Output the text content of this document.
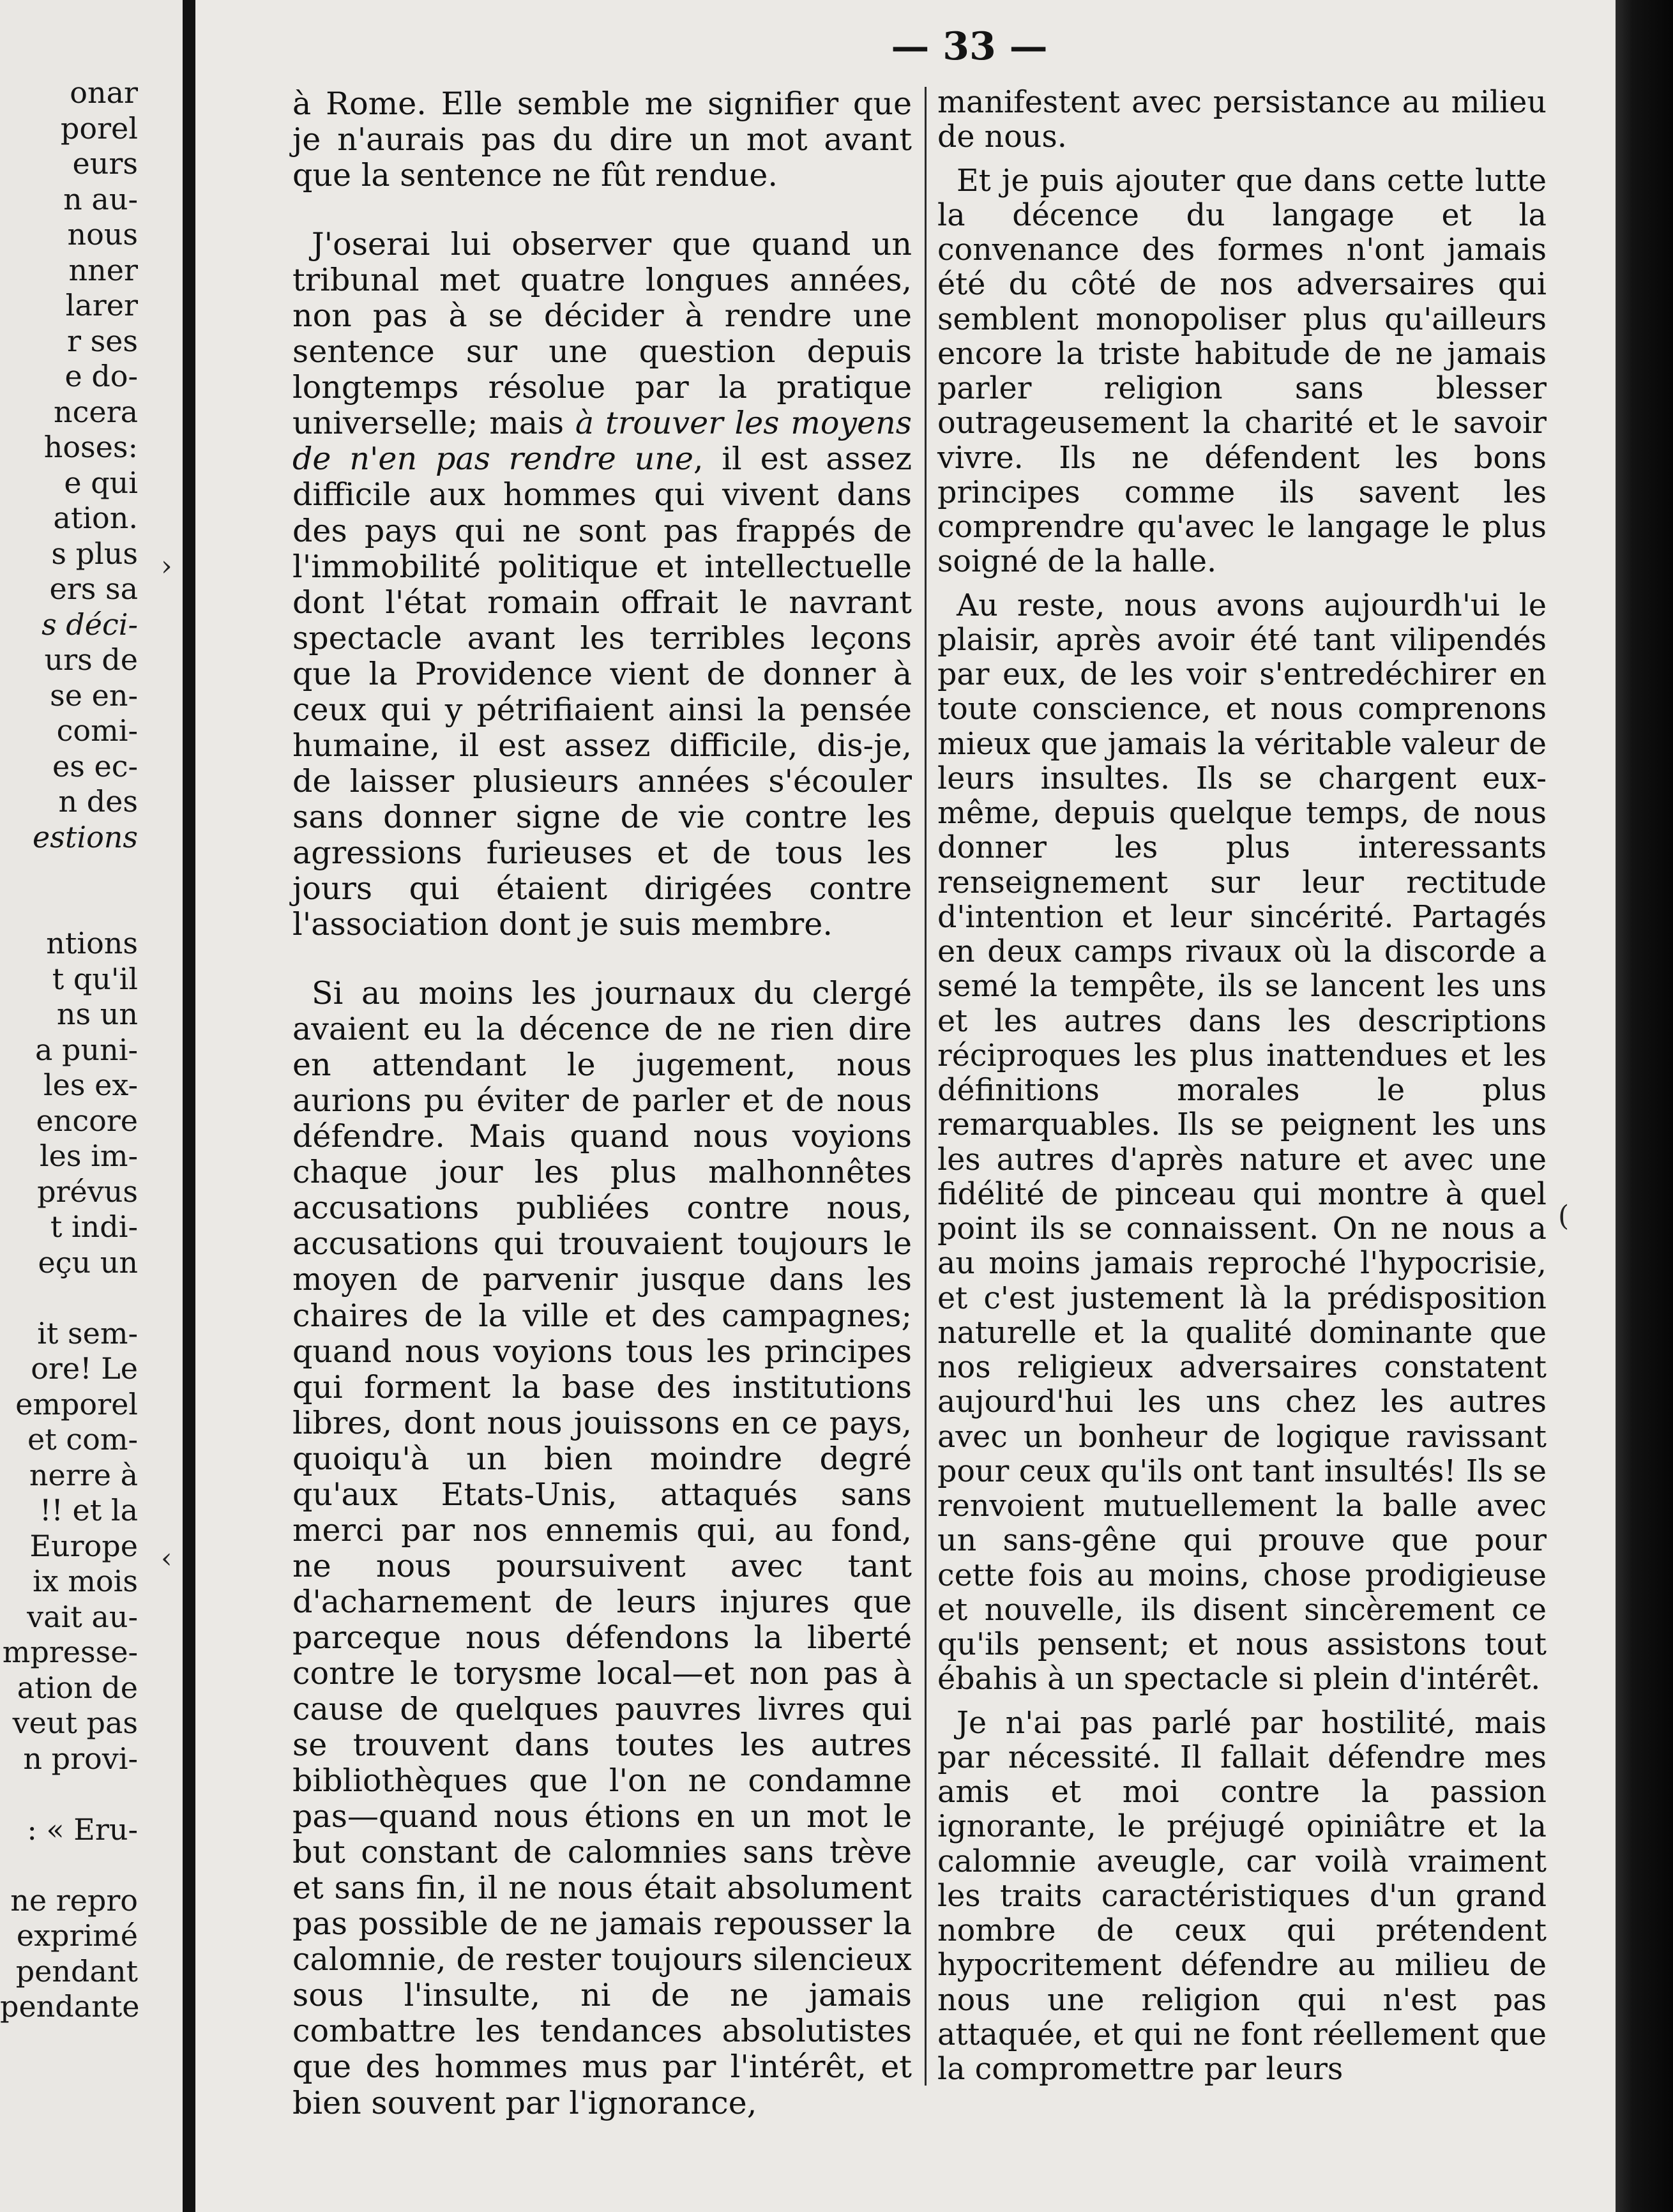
onar
porel
eurs
n au-
nous
nner
larer
r ses
e do-
ncera
hoses:
e qui
ation.
s plus
ers sa
s déci-
urs de
se en-
comi-
es ec-
n des
estions

ntions
t qu'il
ns un
a puni-
les ex-
encore
les im-
prévus
t indi-
eçu un

it sem-
ore! Le
emporel
et com-
nerre à
!! et la
Europe
ix mois
vait au-
mpresse-
ation de
veut pas
n provi-

: « Eru-

ne repro
exprimé
pendant
pendante
— 33 —
›
‹
(

à Rome. Elle semble me signifier que je n'aurais pas du dire un mot avant que la sentence ne fût rendue.

J'oserai lui observer que quand un tribunal met quatre longues années, non pas à se décider à rendre une sentence sur une question depuis longtemps résolue par la pratique universelle; mais à trouver les moyens de n'en pas rendre une, il est assez difficile aux hommes qui vivent dans des pays qui ne sont pas frappés de l'immobilité politique et intellectuelle dont l'état romain offrait le navrant spectacle avant les terribles leçons que la Providence vient de donner à ceux qui y pétrifiaient ainsi la pensée humaine, il est assez difficile, dis-je, de laisser plusieurs années s'écouler sans donner signe de vie contre les agressions furieuses et de tous les jours qui étaient dirigées contre l'association dont je suis membre.

Si au moins les journaux du clergé avaient eu la décence de ne rien dire en attendant le jugement, nous aurions pu éviter de parler et de nous défendre. Mais quand nous voyions chaque jour les plus malhonnêtes accusations publiées contre nous, accusations qui trouvaient toujours le moyen de parvenir jusque dans les chaires de la ville et des campagnes; quand nous voyions tous les principes qui forment la base des institutions libres, dont nous jouissons en ce pays, quoiqu'à un bien moindre degré qu'aux Etats-Unis, attaqués sans merci par nos ennemis qui, au fond, ne nous poursuivent avec tant d'acharnement de leurs injures que parceque nous défendons la liberté contre le torysme local—et non pas à cause de quelques pauvres livres qui se trouvent dans toutes les autres bibliothèques que l'on ne condamne pas—quand nous étions en un mot le but constant de calomnies sans trève et sans fin, il ne nous était absolument pas possible de ne jamais repousser la calomnie, de rester toujours silencieux sous l'insulte, ni de ne jamais combattre les tendances absolutistes que des hommes mus par l'intérêt, et bien souvent par l'ignorance,

manifestent avec persistance au milieu de nous.

Et je puis ajouter que dans cette lutte la décence du langage et la convenance des formes n'ont jamais été du côté de nos adversaires qui semblent monopoliser plus qu'ailleurs encore la triste habitude de ne jamais parler religion sans blesser outrageusement la charité et le savoir vivre. Ils ne défendent les bons principes comme ils savent les comprendre qu'avec le langage le plus soigné de la halle.

Au reste, nous avons aujourdh'ui le plaisir, après avoir été tant vilipendés par eux, de les voir s'entredéchirer en toute conscience, et nous comprenons mieux que jamais la véritable valeur de leurs insultes. Ils se chargent eux-même, depuis quelque temps, de nous donner les plus interessants renseignement sur leur rectitude d'intention et leur sincérité. Partagés en deux camps rivaux où la discorde a semé la tempête, ils se lancent les uns et les autres dans les descriptions réciproques les plus inattendues et les définitions morales le plus remarquables. Ils se peignent les uns les autres d'après nature et avec une fidélité de pinceau qui montre à quel point ils se connaissent. On ne nous a au moins jamais reproché l'hypocrisie, et c'est justement là la prédisposition naturelle et la qualité dominante que nos religieux adversaires constatent aujourd'hui les uns chez les autres avec un bonheur de logique ravissant pour ceux qu'ils ont tant insultés! Ils se renvoient mutuellement la balle avec un sans-gêne qui prouve que pour cette fois au moins, chose prodigieuse et nouvelle, ils disent sincèrement ce qu'ils pensent; et nous assistons tout ébahis à un spectacle si plein d'intérêt.

Je n'ai pas parlé par hostilité, mais par nécessité. Il fallait défendre mes amis et moi contre la passion ignorante, le préjugé opiniâtre et la calomnie aveugle, car voilà vraiment les traits caractéristiques d'un grand nombre de ceux qui prétendent hypocritement défendre au milieu de nous une religion qui n'est pas attaquée, et qui ne font réellement que la compromettre par leurs
